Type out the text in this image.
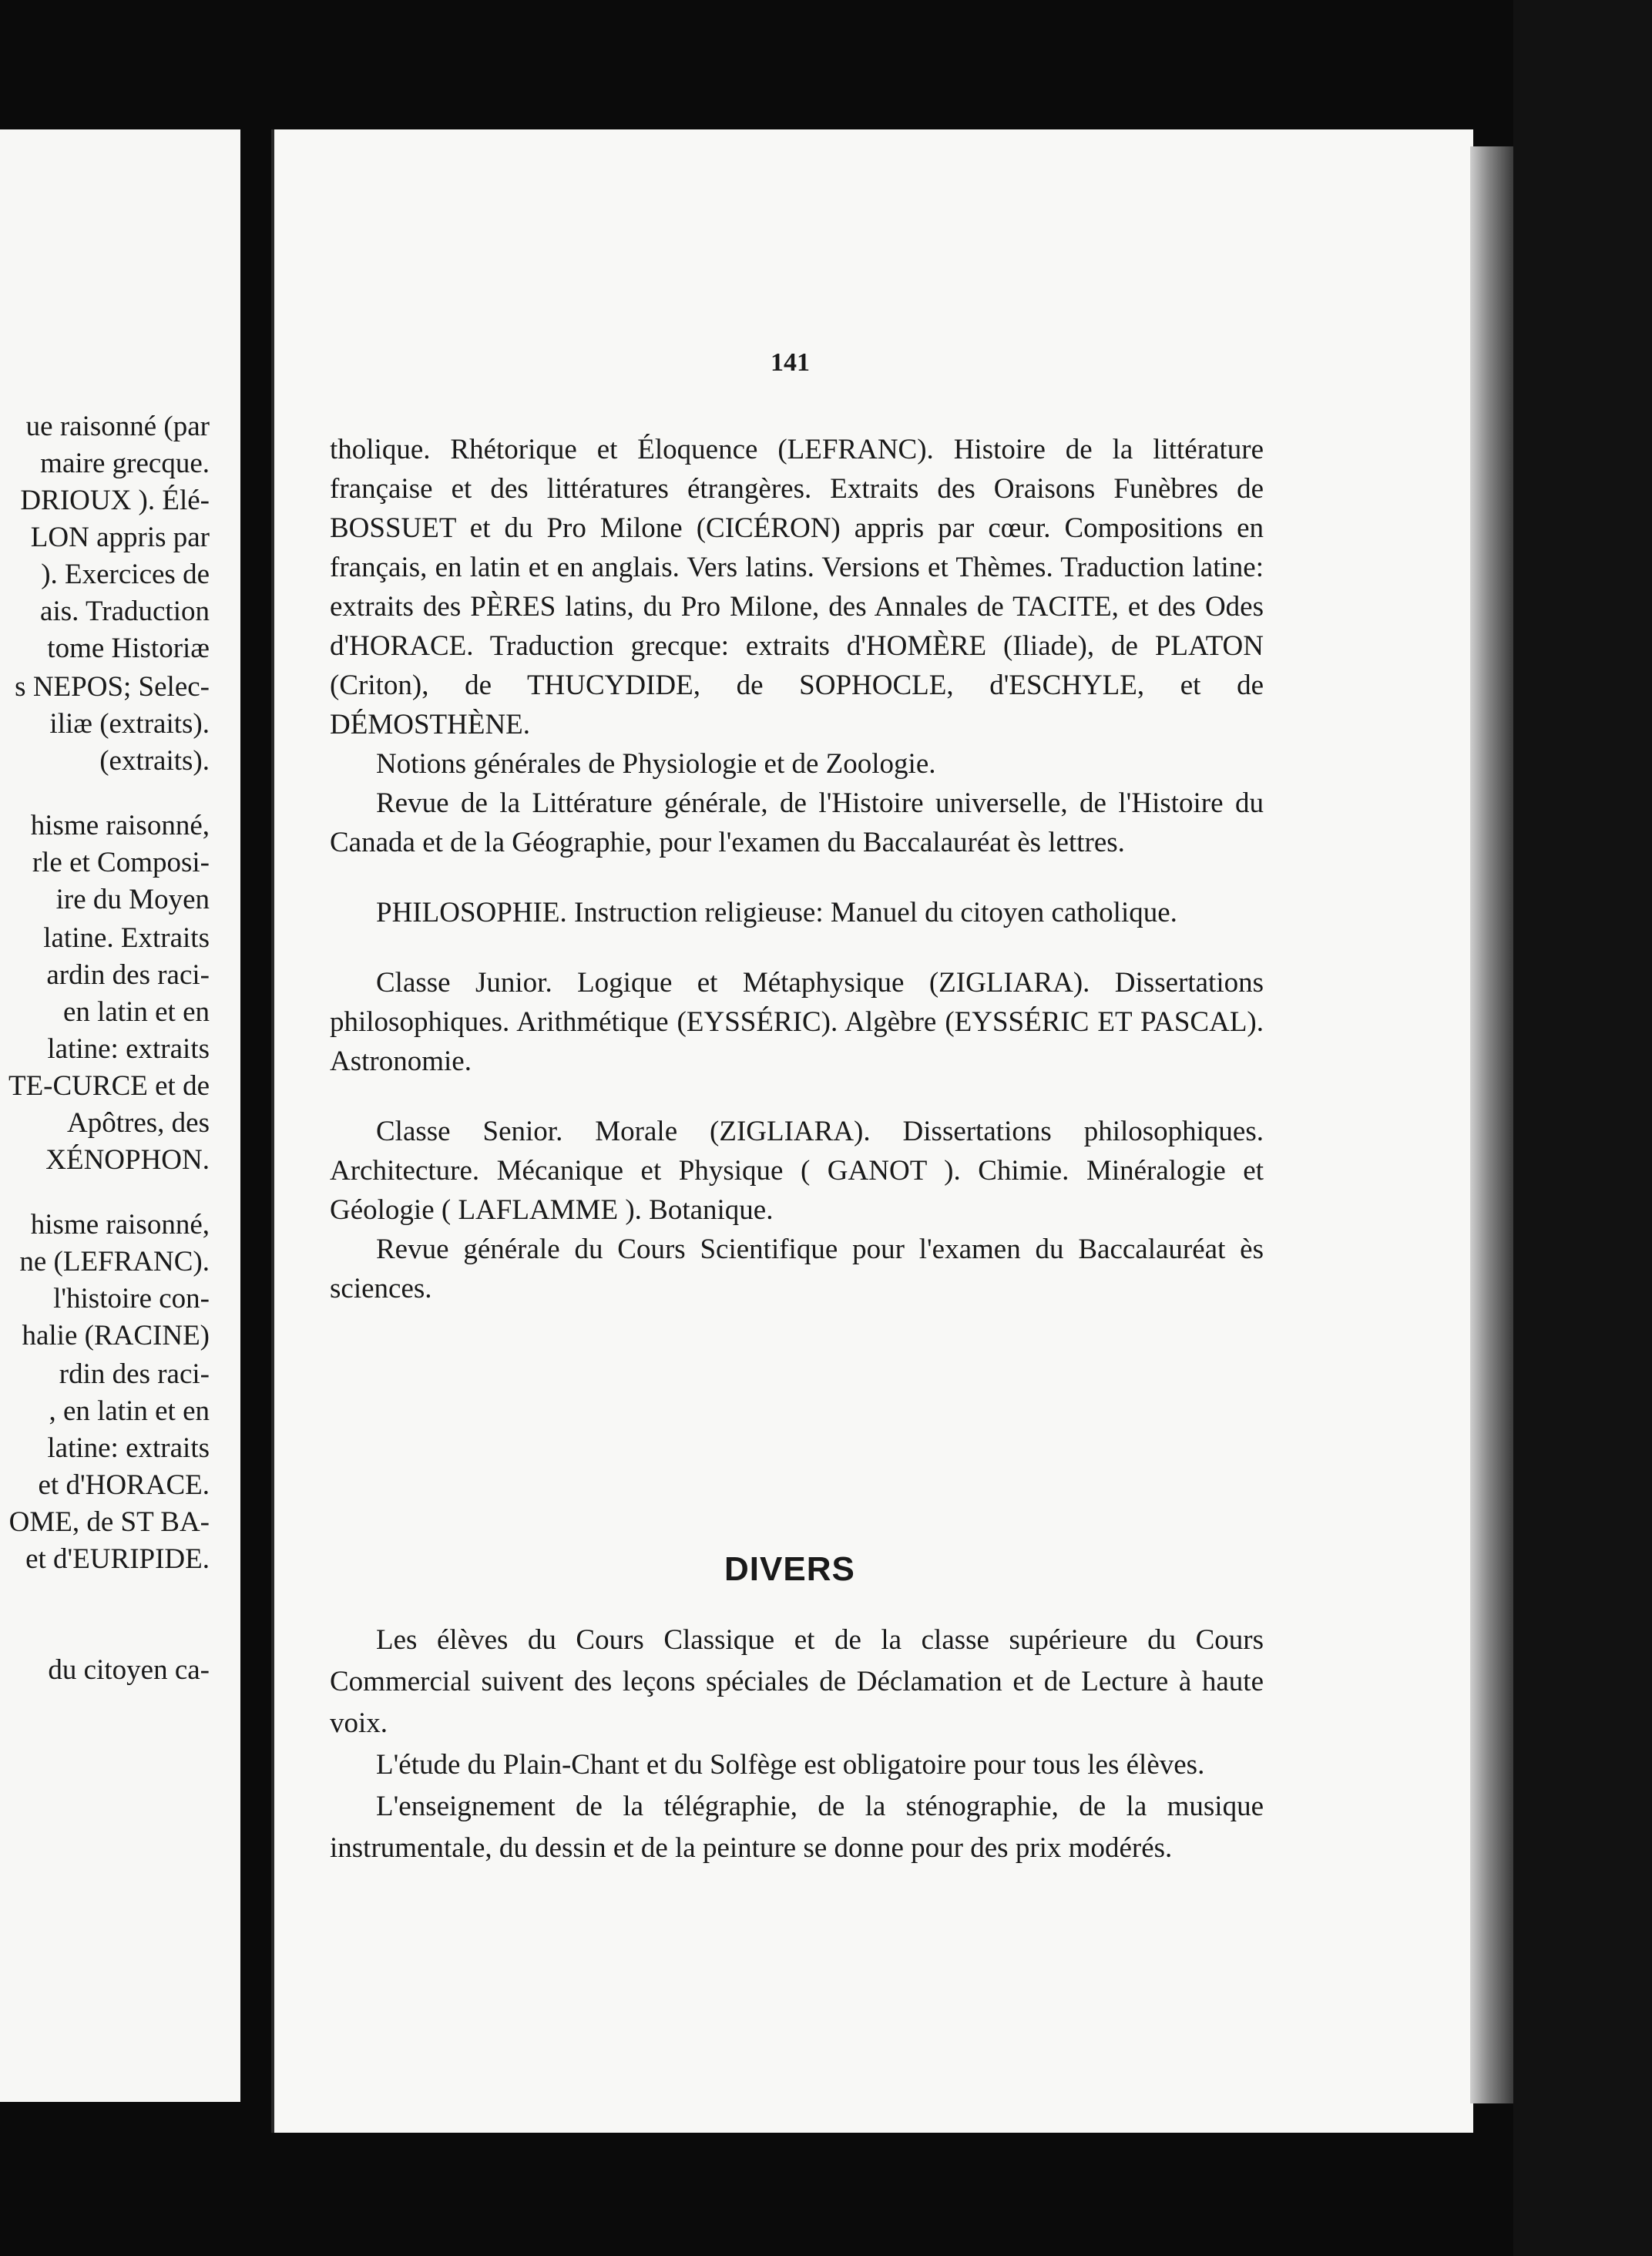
ue raisonné (par
maire grecque.
DRIOUX ). Élé-
LON appris par
). Exercices de
ais. Traduction
tome Historiæ
s NEPOS; Selec-
iliæ (extraits).
(extraits).
hisme raisonné,
rle et Composi-
ire du Moyen
latine. Extraits
ardin des raci-
en latin et en
latine: extraits
TE-CURCE et de
Apôtres, des
XÉNOPHON.
hisme raisonné,
ne (LEFRANC).
l'histoire con-
halie (RACINE)
rdin des raci-
, en latin et en
latine: extraits
et d'HORACE.
OME, de ST BA-
et d'EURIPIDE.
du citoyen ca-
141

tholique. Rhétorique et Éloquence (LEFRANC). Histoire de la littérature française et des littératures étrangères. Extraits des Oraisons Funèbres de BOSSUET et du Pro Milone (CICÉRON) appris par cœur. Compositions en français, en latin et en anglais. Vers latins. Versions et Thèmes. Traduction latine: extraits des PÈRES latins, du Pro Milone, des Annales de TACITE, et des Odes d'HORACE. Traduction grecque: extraits d'HOMÈRE (Iliade), de PLATON (Criton), de THUCYDIDE, de SOPHOCLE, d'ESCHYLE, et de DÉMOSTHÈNE.

Notions générales de Physiologie et de Zoologie.

Revue de la Littérature générale, de l'Histoire universelle, de l'Histoire du Canada et de la Géographie, pour l'examen du Baccalauréat ès lettres.

PHILOSOPHIE. Instruction religieuse: Manuel du citoyen catholique.

Classe Junior. Logique et Métaphysique (ZIGLIARA). Dissertations philosophiques. Arithmétique (EYSSÉRIC). Algèbre (EYSSÉRIC ET PASCAL). Astronomie.

Classe Senior. Morale (ZIGLIARA). Dissertations philosophiques. Architecture. Mécanique et Physique ( GANOT ). Chimie. Minéralogie et Géologie ( LAFLAMME ). Botanique.

Revue générale du Cours Scientifique pour l'examen du Baccalauréat ès sciences.

DIVERS

Les élèves du Cours Classique et de la classe supérieure du Cours Commercial suivent des leçons spéciales de Déclamation et de Lecture à haute voix.

L'étude du Plain-Chant et du Solfège est obligatoire pour tous les élèves.

L'enseignement de la télégraphie, de la sténographie, de la musique instrumentale, du dessin et de la peinture se donne pour des prix modérés.
